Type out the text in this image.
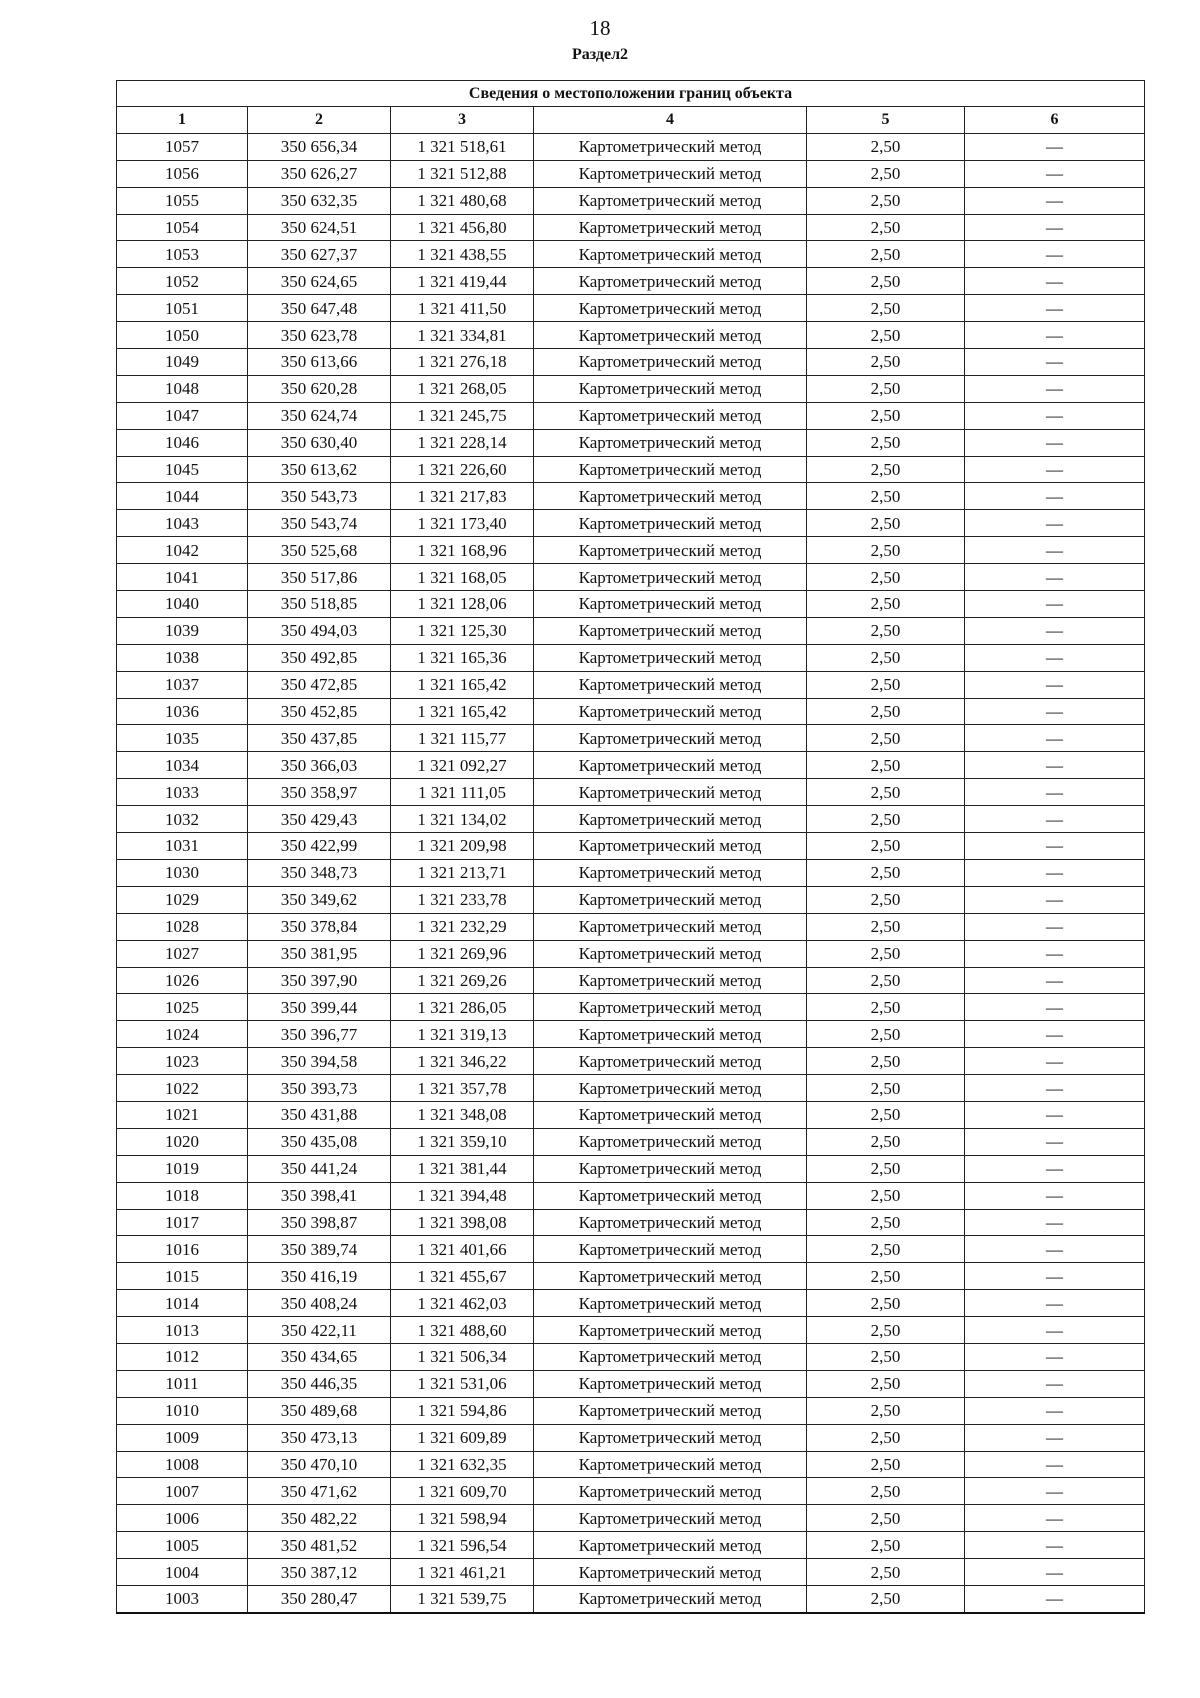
18
Раздел2
Сведения о местоположении границ объекта					
1	2	3	4	5	6
1057	350 656,34	1 321 518,61	Картометрический метод	2,50	—
1056	350 626,27	1 321 512,88	Картометрический метод	2,50	—
1055	350 632,35	1 321 480,68	Картометрический метод	2,50	—
1054	350 624,51	1 321 456,80	Картометрический метод	2,50	—
1053	350 627,37	1 321 438,55	Картометрический метод	2,50	—
1052	350 624,65	1 321 419,44	Картометрический метод	2,50	—
1051	350 647,48	1 321 411,50	Картометрический метод	2,50	—
1050	350 623,78	1 321 334,81	Картометрический метод	2,50	—
1049	350 613,66	1 321 276,18	Картометрический метод	2,50	—
1048	350 620,28	1 321 268,05	Картометрический метод	2,50	—
1047	350 624,74	1 321 245,75	Картометрический метод	2,50	—
1046	350 630,40	1 321 228,14	Картометрический метод	2,50	—
1045	350 613,62	1 321 226,60	Картометрический метод	2,50	—
1044	350 543,73	1 321 217,83	Картометрический метод	2,50	—
1043	350 543,74	1 321 173,40	Картометрический метод	2,50	—
1042	350 525,68	1 321 168,96	Картометрический метод	2,50	—
1041	350 517,86	1 321 168,05	Картометрический метод	2,50	—
1040	350 518,85	1 321 128,06	Картометрический метод	2,50	—
1039	350 494,03	1 321 125,30	Картометрический метод	2,50	—
1038	350 492,85	1 321 165,36	Картометрический метод	2,50	—
1037	350 472,85	1 321 165,42	Картометрический метод	2,50	—
1036	350 452,85	1 321 165,42	Картометрический метод	2,50	—
1035	350 437,85	1 321 115,77	Картометрический метод	2,50	—
1034	350 366,03	1 321 092,27	Картометрический метод	2,50	—
1033	350 358,97	1 321 111,05	Картометрический метод	2,50	—
1032	350 429,43	1 321 134,02	Картометрический метод	2,50	—
1031	350 422,99	1 321 209,98	Картометрический метод	2,50	—
1030	350 348,73	1 321 213,71	Картометрический метод	2,50	—
1029	350 349,62	1 321 233,78	Картометрический метод	2,50	—
1028	350 378,84	1 321 232,29	Картометрический метод	2,50	—
1027	350 381,95	1 321 269,96	Картометрический метод	2,50	—
1026	350 397,90	1 321 269,26	Картометрический метод	2,50	—
1025	350 399,44	1 321 286,05	Картометрический метод	2,50	—
1024	350 396,77	1 321 319,13	Картометрический метод	2,50	—
1023	350 394,58	1 321 346,22	Картометрический метод	2,50	—
1022	350 393,73	1 321 357,78	Картометрический метод	2,50	—
1021	350 431,88	1 321 348,08	Картометрический метод	2,50	—
1020	350 435,08	1 321 359,10	Картометрический метод	2,50	—
1019	350 441,24	1 321 381,44	Картометрический метод	2,50	—
1018	350 398,41	1 321 394,48	Картометрический метод	2,50	—
1017	350 398,87	1 321 398,08	Картометрический метод	2,50	—
1016	350 389,74	1 321 401,66	Картометрический метод	2,50	—
1015	350 416,19	1 321 455,67	Картометрический метод	2,50	—
1014	350 408,24	1 321 462,03	Картометрический метод	2,50	—
1013	350 422,11	1 321 488,60	Картометрический метод	2,50	—
1012	350 434,65	1 321 506,34	Картометрический метод	2,50	—
1011	350 446,35	1 321 531,06	Картометрический метод	2,50	—
1010	350 489,68	1 321 594,86	Картометрический метод	2,50	—
1009	350 473,13	1 321 609,89	Картометрический метод	2,50	—
1008	350 470,10	1 321 632,35	Картометрический метод	2,50	—
1007	350 471,62	1 321 609,70	Картометрический метод	2,50	—
1006	350 482,22	1 321 598,94	Картометрический метод	2,50	—
1005	350 481,52	1 321 596,54	Картометрический метод	2,50	—
1004	350 387,12	1 321 461,21	Картометрический метод	2,50	—
1003	350 280,47	1 321 539,75	Картометрический метод	2,50	—
